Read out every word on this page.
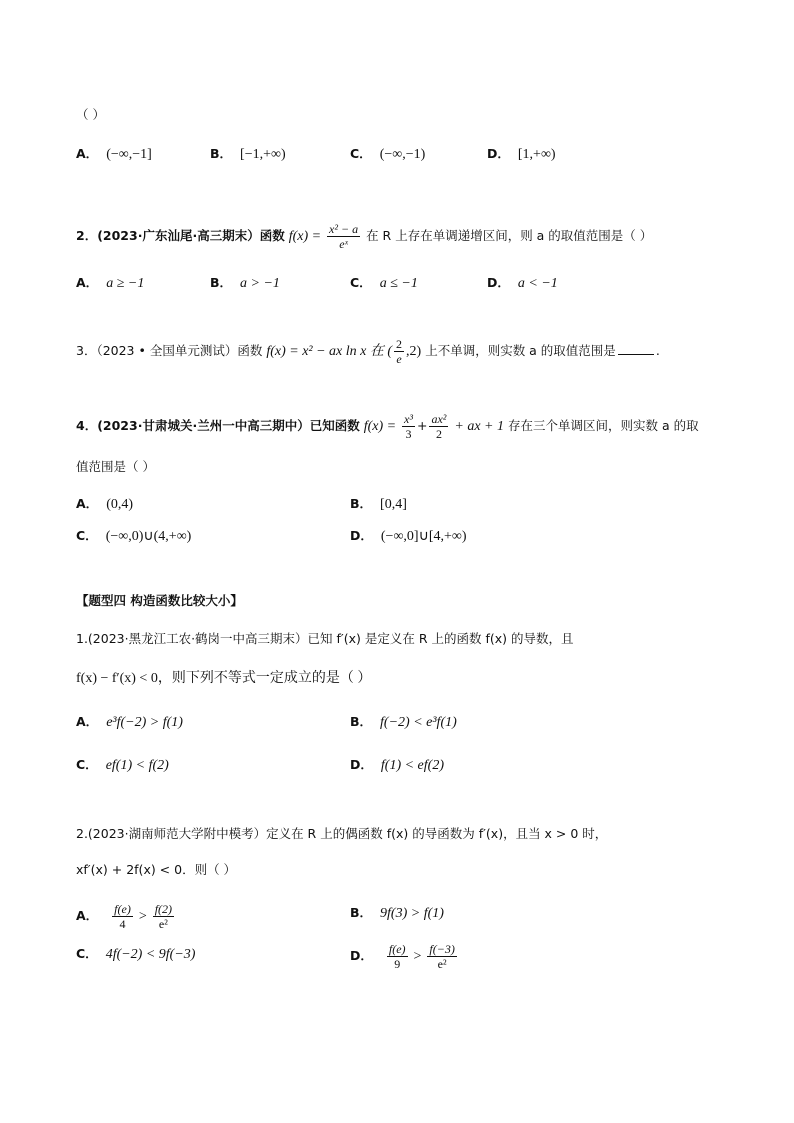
（ ）
A． (−∞,−1]	B． [−1,+∞)	C． (−∞,−1)	D． [1,+∞)
2．(2023·广东汕尾·高三期末）函数 $f(x) = \frac{\text{x² − a}}{\text{eˣ}}$ 在 R 上存在单调递增区间，则 a 的取值范围是（ ）
A． a ≥ −1	B． a > −1	C． a ≤ −1	D． a < −1
3．（2023 • 全国单元测试）函数 f(x) = x² − ax ln x 在 ( $\frac{2}{e} ,2$) 上不单调，则实数 a 的取值范围是	.
4．(2023·甘肃城关·兰州一中高三期中）已知函数 $f(x) = \frac{\text{x³}}{3} + \frac{\text{ax²}}{2}$ + ax + 1 存在三个单调区间，则实数 a 的取
值范围是（ ）
A． (0,4)	B． [0,4]
C． (−∞,0)∪(4,+∞)	D． (−∞,0]∪[4,+∞)
【题型四 构造函数比较大小】
1.(2023·黑龙江工农·鹤岗一中高三期末）已知 f′(x) 是定义在 R 上的函数 f(x) 的导数，且
f(x) − f′(x) < 0，则下列不等式一定成立的是（ ）
A． e³f(−2) > f(1)	B． f(−2) < e³f(1)
C． ef(1) < f(2)	D． f(1) < ef(2)
2.(2023·湖南师范大学附中模考）定义在 R 上的偶函数 f(x) 的导函数为 f′(x)，且当 x > 0 时，
xf′(x) + 2f(x) < 0．则（ ）
A． $\frac{f(e)}{4} > \frac{f(2)}{\text{e²}}$	B． 9f(3) > f(1)
C． 4f(−2) < 9f(−3)	D． $\frac{f(e)}{9} > \frac{f(-3)}{\text{e²}}$
